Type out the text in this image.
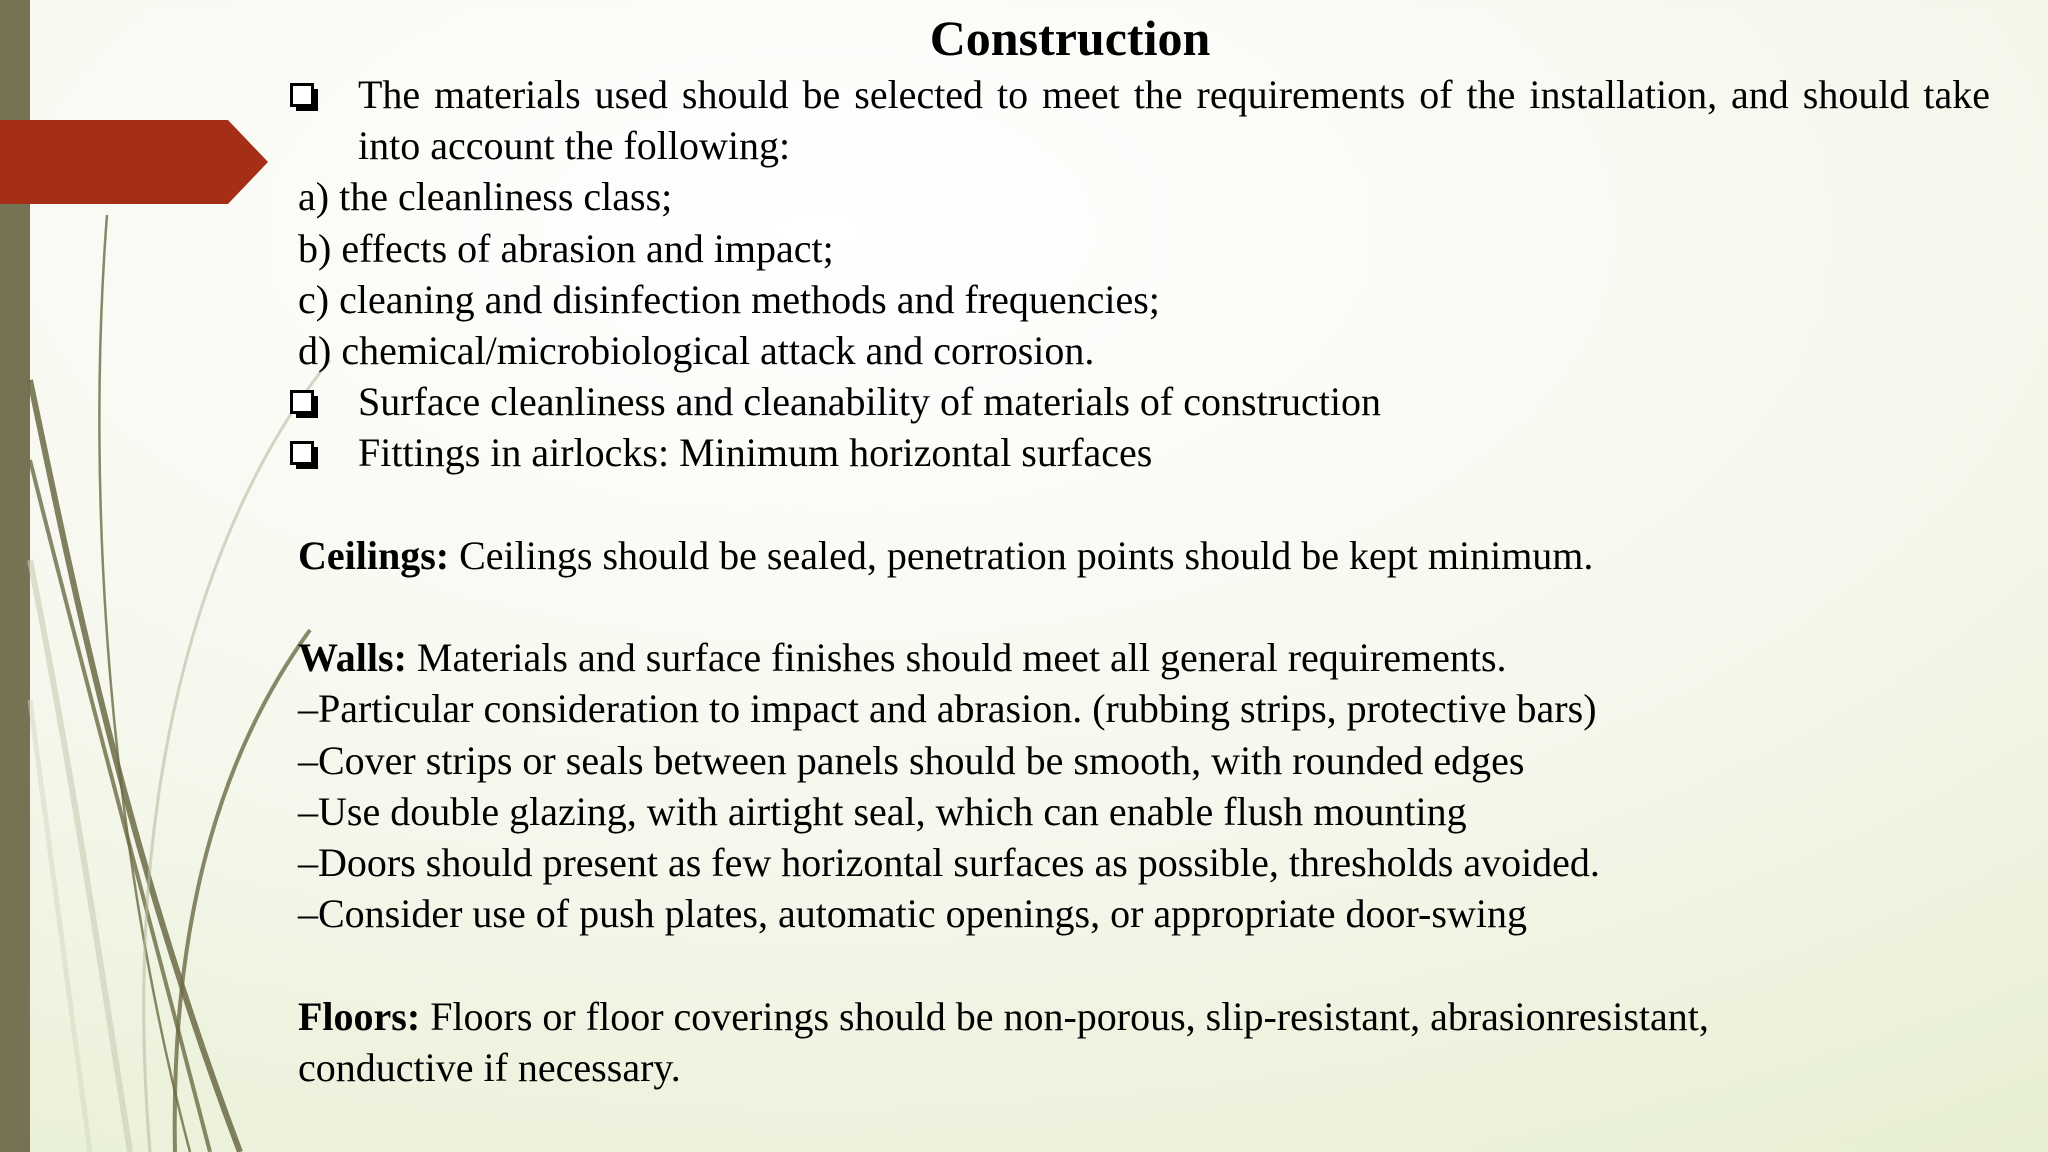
Construction
The materials used should be selected to meet the requirements of the installation, and should take into account the following:
a) the cleanliness class;
b) effects of abrasion and impact;
c) cleaning and disinfection methods and frequencies;
d) chemical/microbiological attack and corrosion.
Surface cleanliness and cleanability of materials of construction
Fittings in airlocks: Minimum horizontal surfaces
Ceilings: Ceilings should be sealed, penetration points should be kept minimum.
Walls: Materials and surface finishes should meet all general requirements.
–Particular consideration to impact and abrasion. (rubbing strips, protective bars)
–Cover strips or seals between panels should be smooth, with rounded edges
–Use double glazing, with airtight seal, which can enable flush mounting
–Doors should present as few horizontal surfaces as possible, thresholds avoided.
–Consider use of push plates, automatic openings, or appropriate door-swing
Floors: Floors or floor coverings should be non-porous, slip-resistant, abrasionresistant, conductive if necessary.
